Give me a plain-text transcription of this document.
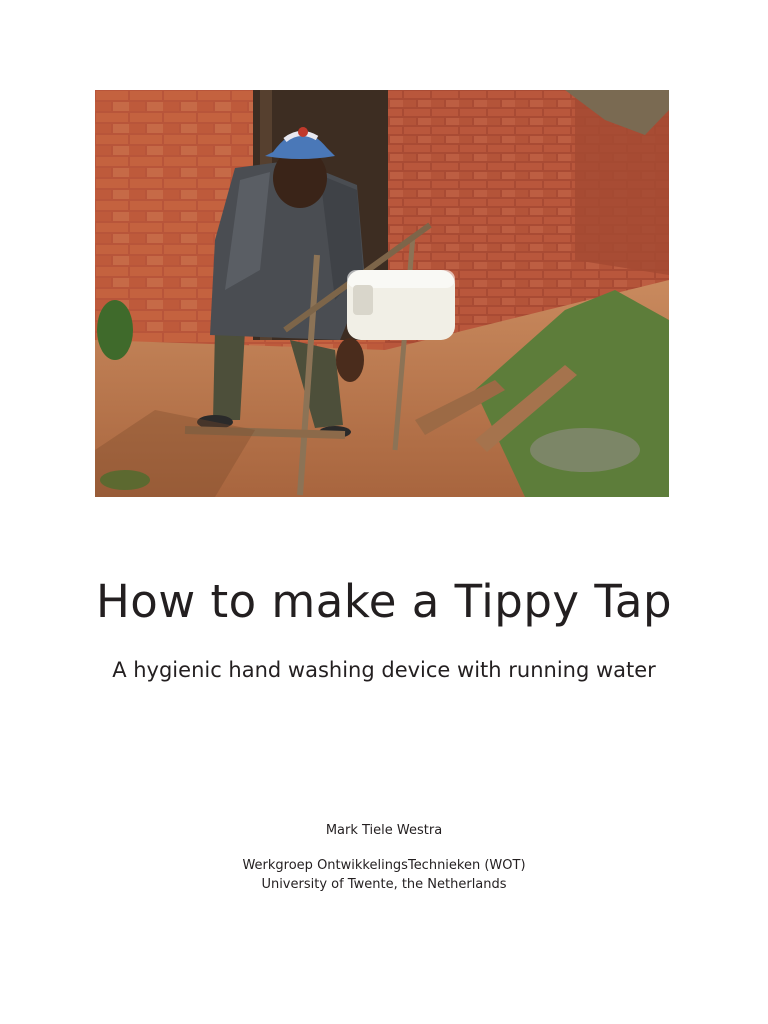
How to make a Tippy Tap
A hygienic hand washing device with running water
Mark Tiele Westra
Werkgroep OntwikkelingsTechnieken (WOT)
University of Twente, the Netherlands
